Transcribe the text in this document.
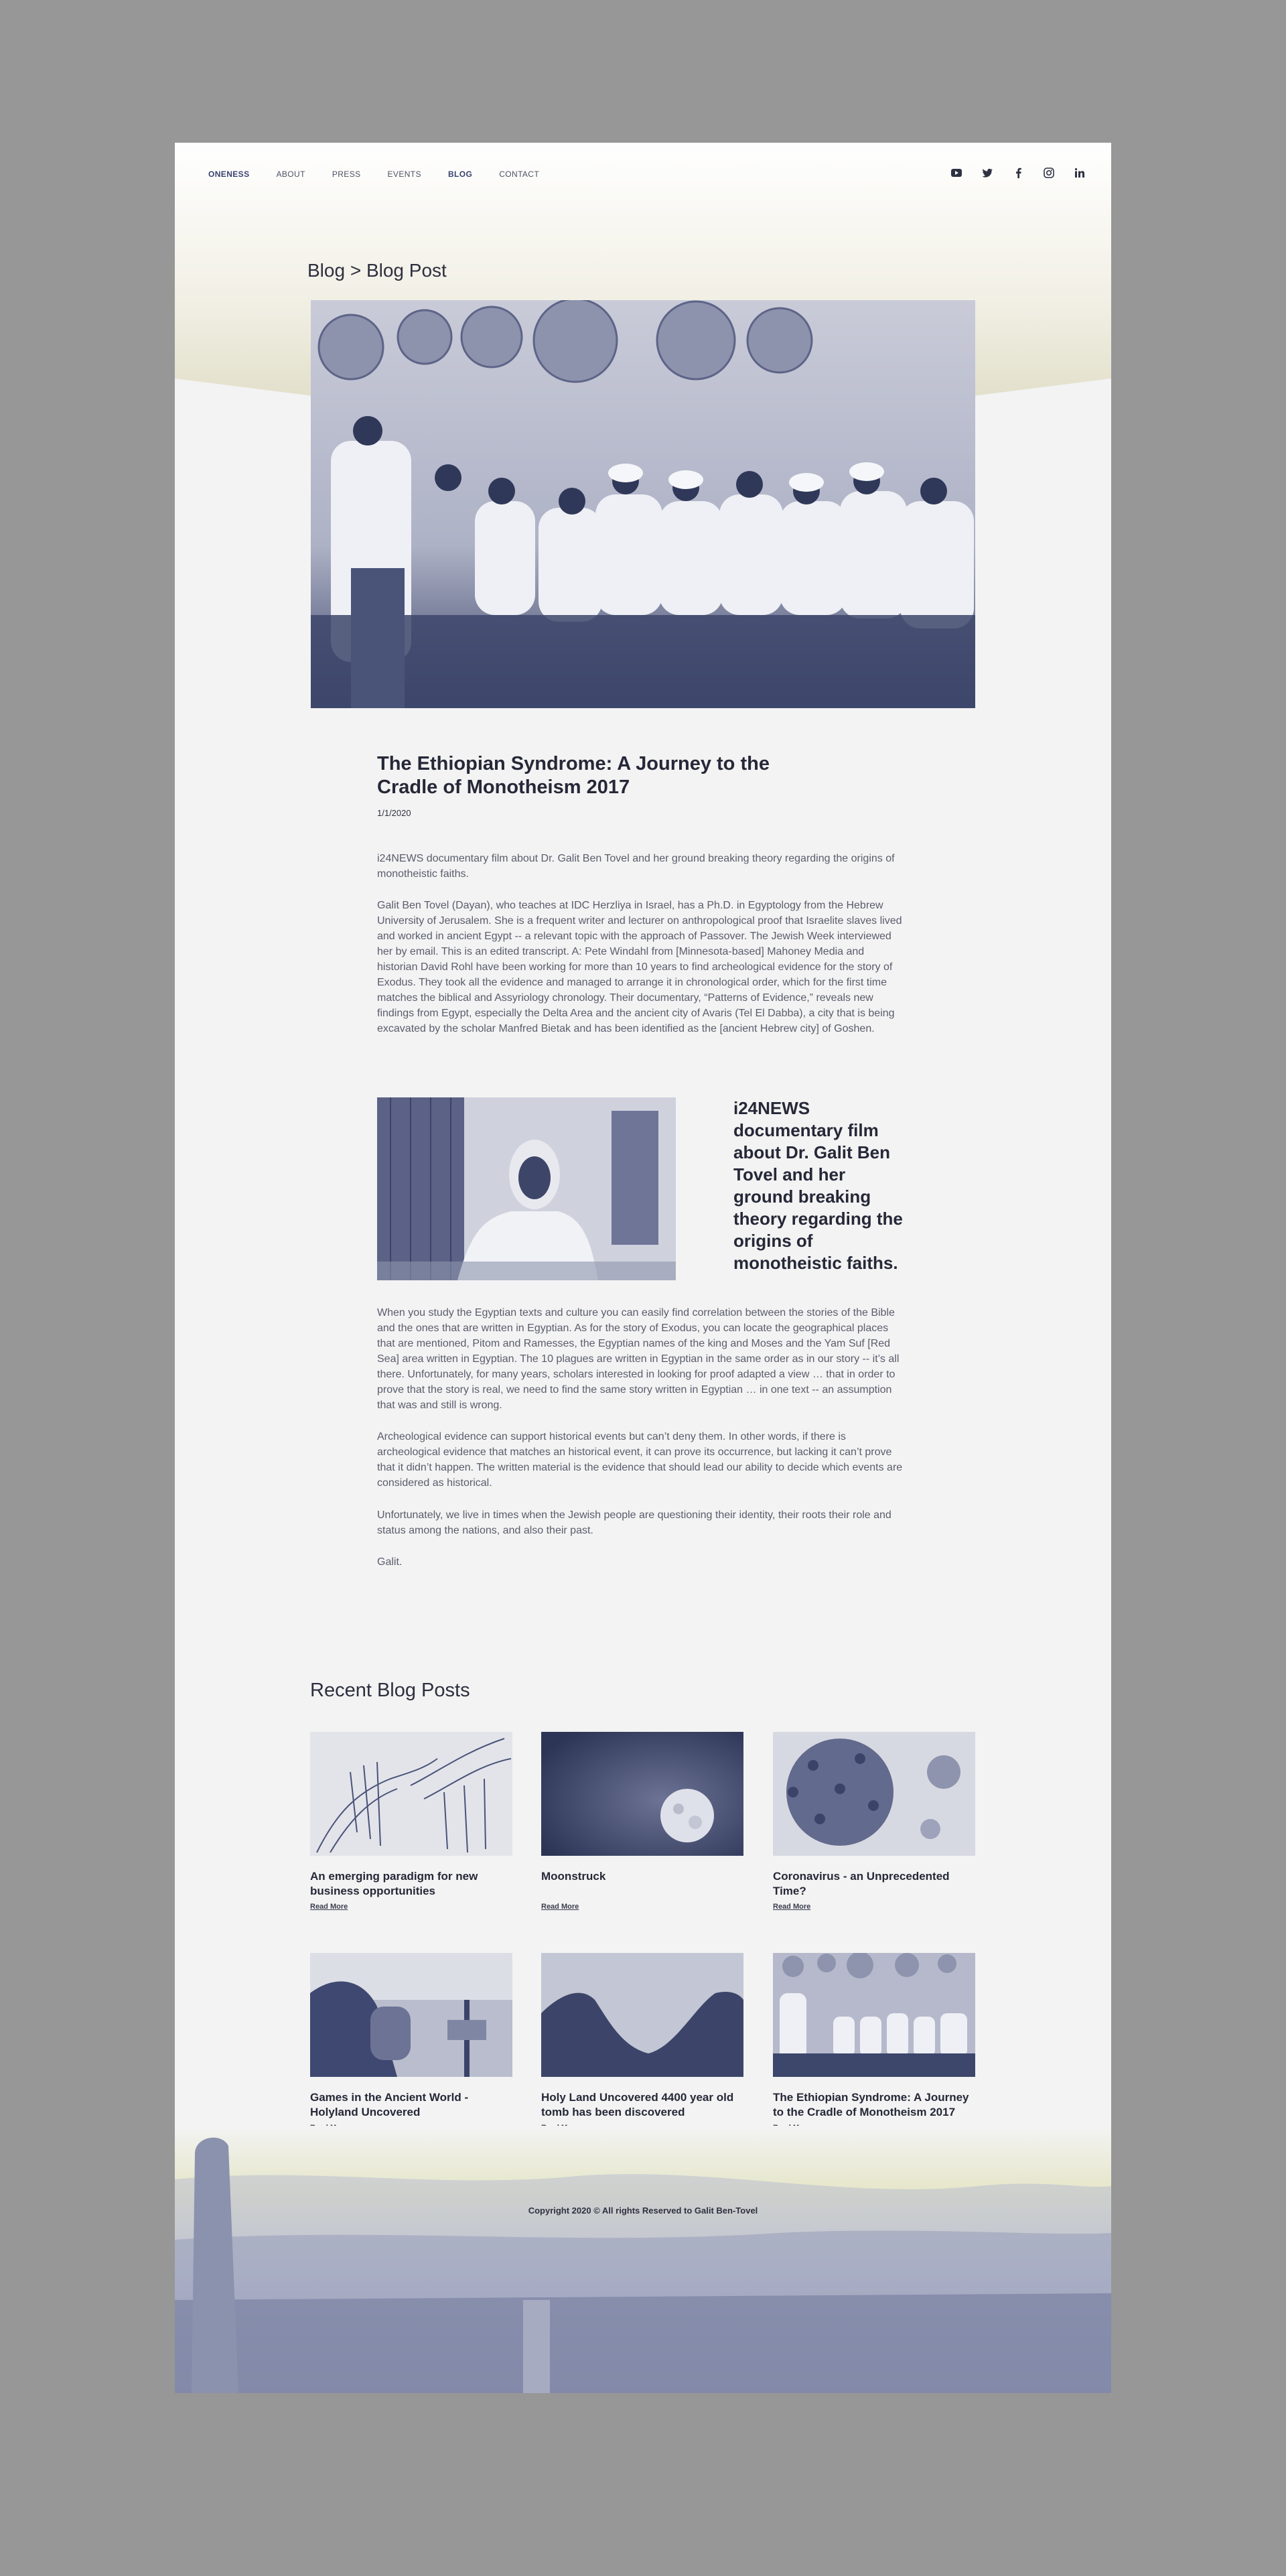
ONENESS	ABOUT	PRESS	EVENTS	BLOG	CONTACT
Blog > Blog Post
The Ethiopian Syndrome: A Journey to the Cradle of Monotheism 2017
1/1/2020

i24NEWS documentary film about Dr. Galit Ben Tovel and her ground breaking theory regarding the origins of monotheistic faiths.

Galit Ben Tovel (Dayan), who teaches at IDC Herzliya in Israel, has a Ph.D. in Egyptology from the Hebrew University of Jerusalem. She is a frequent writer and lecturer on anthropological proof that Israelite slaves lived and worked in ancient Egypt -- a relevant topic with the approach of Passover. The Jewish Week interviewed her by email. This is an edited transcript. A: Pete Windahl from [Minnesota-based] Mahoney Media and historian David Rohl have been working for more than 10 years to find archeological evidence for the story of Exodus. They took all the evidence and managed to arrange it in chronological order, which for the first time matches the biblical and Assyriology chronology. Their documentary, “Patterns of Evidence,” reveals new findings from Egypt, especially the Delta Area and the ancient city of Avaris (Tel El Dabba), a city that is being excavated by the scholar Manfred Bietak and has been identified as the [ancient Hebrew city] of Goshen.

i24NEWS documentary film about Dr. Galit Ben Tovel and her ground breaking theory regarding the origins of monotheistic faiths.

When you study the Egyptian texts and culture you can easily find correlation between the stories of the Bible and the ones that are written in Egyptian. As for the story of Exodus, you can locate the geographical places that are mentioned, Pitom and Ramesses, the Egyptian names of the king and Moses and the Yam Suf [Red Sea] area written in Egyptian. The 10 plagues are written in Egyptian in the same order as in our story -- it’s all there. Unfortunately, for many years, scholars interested in looking for proof adapted a view … that in order to prove that the story is real, we need to find the same story written in Egyptian … in one text -- an assumption that was and still is wrong.

Archeological evidence can support historical events but can’t deny them. In other words, if there is archeological evidence that matches an historical event, it can prove its occurrence, but lacking it can’t prove that it didn’t happen. The written material is the evidence that should lead our ability to decide which events are considered as historical.

Unfortunately, we live in times when the Jewish people are questioning their identity, their roots their role and status among the nations, and also their past.

Galit.

Recent Blog Posts
An emerging paradigm for new business opportunities
Read More
Moonstruck
Read More
Coronavirus - an Unprecedented Time?
Read More
Games in the Ancient World - Holyland Uncovered
Holy Land Uncovered 4400 year old tomb has been discovered
The Ethiopian Syndrome: A Journey to the Cradle of Monotheism 2017
Copyright 2020 © All rights Reserved to Galit Ben-Tovel
